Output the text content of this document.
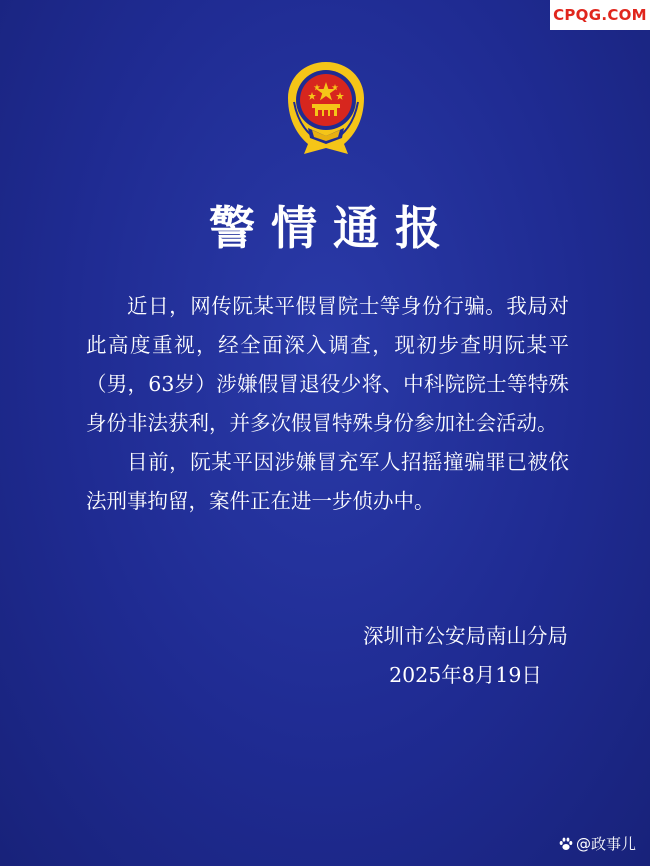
CPQG.COM
警情通报

近日，网传阮某平假冒院士等身份行骗。我局对此高度重视，经全面深入调查，现初步查明阮某平（男，63岁）涉嫌假冒退役少将、中科院院士等特殊身份非法获利，并多次假冒特殊身份参加社会活动。

目前，阮某平因涉嫌冒充军人招摇撞骗罪已被依法刑事拘留，案件正在进一步侦办中。

深圳市公安局南山分局
2025年8月19日
@政事儿
